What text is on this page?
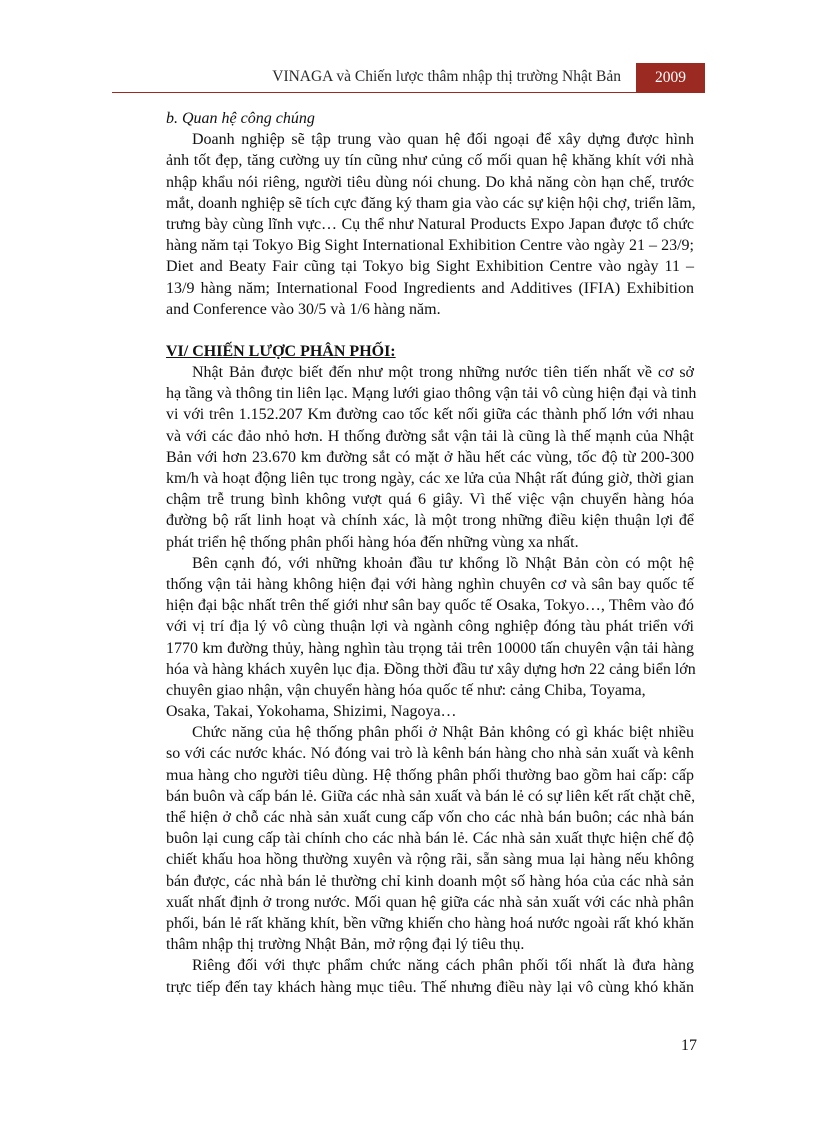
VINAGA và Chiến lược thâm nhập thị trường Nhật Bản	2009
b. Quan hệ công chúng
Doanh nghiệp sẽ tập trung vào quan hệ đối ngoại để xây dựng được hình
ảnh tốt đẹp, tăng cường uy tín cũng như củng cố mối quan hệ khăng khít với nhà
nhập khẩu nói riêng, người tiêu dùng nói chung. Do khả năng còn hạn chế, trước
mắt, doanh nghiệp sẽ tích cực đăng ký tham gia vào các sự kiện hội chợ, triển lãm,
trưng bày cùng lĩnh vực… Cụ thể như Natural Products Expo Japan được tổ chức
hàng năm tại Tokyo Big Sight International Exhibition Centre vào ngày 21 – 23/9;
Diet and Beaty Fair cũng tại Tokyo big Sight Exhibition Centre vào ngày 11 –
13/9 hàng năm; International Food Ingredients and Additives (IFIA) Exhibition
and Conference vào 30/5 và 1/6 hàng năm.
VI/ CHIẾN LƯỢC PHÂN PHỐI:
Nhật Bản được biết đến như một trong những nước tiên tiến nhất về cơ sở
hạ tầng và thông tin liên lạc. Mạng lưới giao thông vận tải vô cùng hiện đại và tinh
vi với trên 1.152.207 Km đường cao tốc kết nối giữa các thành phố lớn với nhau
và với các đảo nhỏ hơn. H thống đường sắt vận tải là cũng là thế mạnh của Nhật
Bản với hơn 23.670 km đường sắt có mặt ở hầu hết các vùng, tốc độ từ 200-300
km/h và hoạt động liên tục trong ngày, các xe lửa của Nhật rất đúng giờ, thời gian
chậm trễ trung bình không vượt quá 6 giây. Vì thế việc vận chuyển hàng hóa
đường bộ rất linh hoạt và chính xác, là một trong những điều kiện thuận lợi để
phát triển hệ thống phân phối hàng hóa đến những vùng xa nhất.
Bên cạnh đó, với những khoản đầu tư khổng lồ Nhật Bản còn có một hệ
thống vận tải hàng không hiện đại với hàng nghìn chuyên cơ và sân bay quốc tế
hiện đại bậc nhất trên thế giới như sân bay quốc tế Osaka, Tokyo…, Thêm vào đó
với vị trí địa lý vô cùng thuận lợi và ngành công nghiệp đóng tàu phát triển với
1770 km đường thủy, hàng nghìn tàu trọng tải trên 10000 tấn chuyên vận tải hàng
hóa và hàng khách xuyên lục địa. Đồng thời đầu tư xây dựng hơn 22 cảng biển lớn
chuyên giao nhận, vận chuyển hàng hóa quốc tế như: cảng Chiba, Toyama,
Osaka, Takai, Yokohama, Shizimi, Nagoya…
Chức năng của hệ thống phân phối ở Nhật Bản không có gì khác biệt nhiều
so với các nước khác. Nó đóng vai trò là kênh bán hàng cho nhà sản xuất và kênh
mua hàng cho người tiêu dùng. Hệ thống phân phối thường bao gồm hai cấp: cấp
bán buôn và cấp bán lẻ. Giữa các nhà sản xuất và bán lẻ có sự liên kết rất chặt chẽ,
thể hiện ở chỗ các nhà sản xuất cung cấp vốn cho các nhà bán buôn; các nhà bán
buôn lại cung cấp tài chính cho các nhà bán lẻ. Các nhà sản xuất thực hiện chế độ
chiết khấu hoa hồng thường xuyên và rộng rãi, sẵn sàng mua lại hàng nếu không
bán được, các nhà bán lẻ thường chỉ kinh doanh một số hàng hóa của các nhà sản
xuất nhất định ở trong nước. Mối quan hệ giữa các nhà sản xuất với các nhà phân
phối, bán lẻ rất khăng khít, bền vững khiến cho hàng hoá nước ngoài rất khó khăn
thâm nhập thị trường Nhật Bản, mở rộng đại lý tiêu thụ.
Riêng đối với thực phẩm chức năng cách phân phối tối nhất là đưa hàng
trực tiếp đến tay khách hàng mục tiêu. Thế nhưng điều này lại vô cùng khó khăn
17
